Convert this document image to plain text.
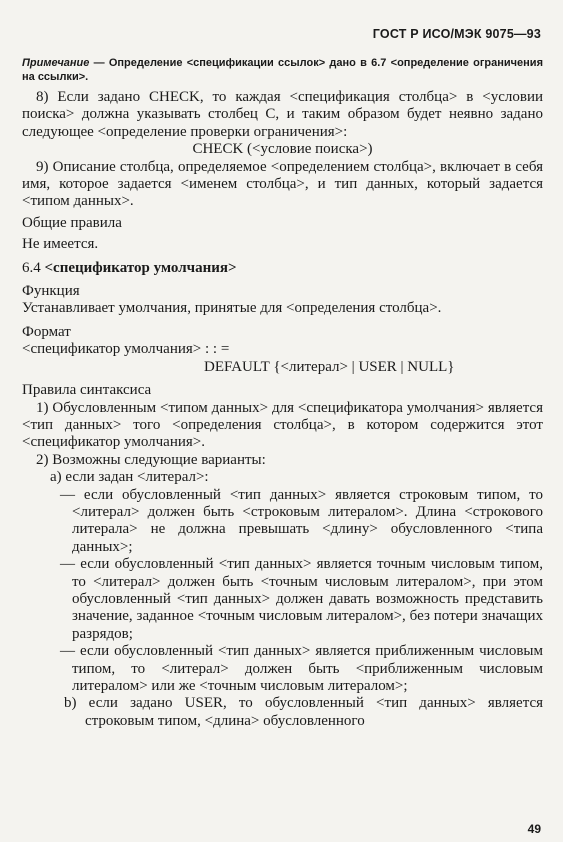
ГОСТ Р ИСО/МЭК 9075—93
Примечание — Определение <спецификации ссылок> дано в 6.7 <определение ограничения на ссылки>.

8) Если задано CHECK, то каждая <спецификация столбца> в <условии поиска> должна указывать столбец C, и таким образом будет неявно задано следующее <определение проверки ограничения>:

CHECK (<условие поиска>)

9) Описание столбца, определяемое <определением столбца>, включает в себя имя, которое задается <именем столбца>, и тип данных, который задается <типом данных>.

Общие правила

Не имеется.

6.4 <спецификатор умолчания>

Функция

Устанавливает умолчания, принятые для <определения столбца>.

Формат

<спецификатор умолчания> : : =

DEFAULT {<литерал> | USER | NULL}

Правила синтаксиса

1) Обусловленным <типом данных> для <спецификатора умолчания> является <тип данных> того <определения столбца>, в котором содержится этот <спецификатор умолчания>.

2) Возможны следующие варианты:

a) если задан <литерал>:

— если обусловленный <тип данных> является строковым типом, то <литерал> должен быть <строковым литералом>. Длина <строкового литерала> не должна превышать <длину> обусловленного <типа данных>;

— если обусловленный <тип данных> является точным числовым типом, то <литерал> должен быть <точным числовым литералом>, при этом обусловленный <тип данных> должен давать возможность представить значение, заданное <точным числовым литералом>, без потери значащих разрядов;

— если обусловленный <тип данных> является приближенным числовым типом, то <литерал> должен быть <приближенным числовым литералом> или же <точным числовым литералом>;

b) если задано USER, то обусловленный <тип данных> является строковым типом, <длина> обусловленного

49
